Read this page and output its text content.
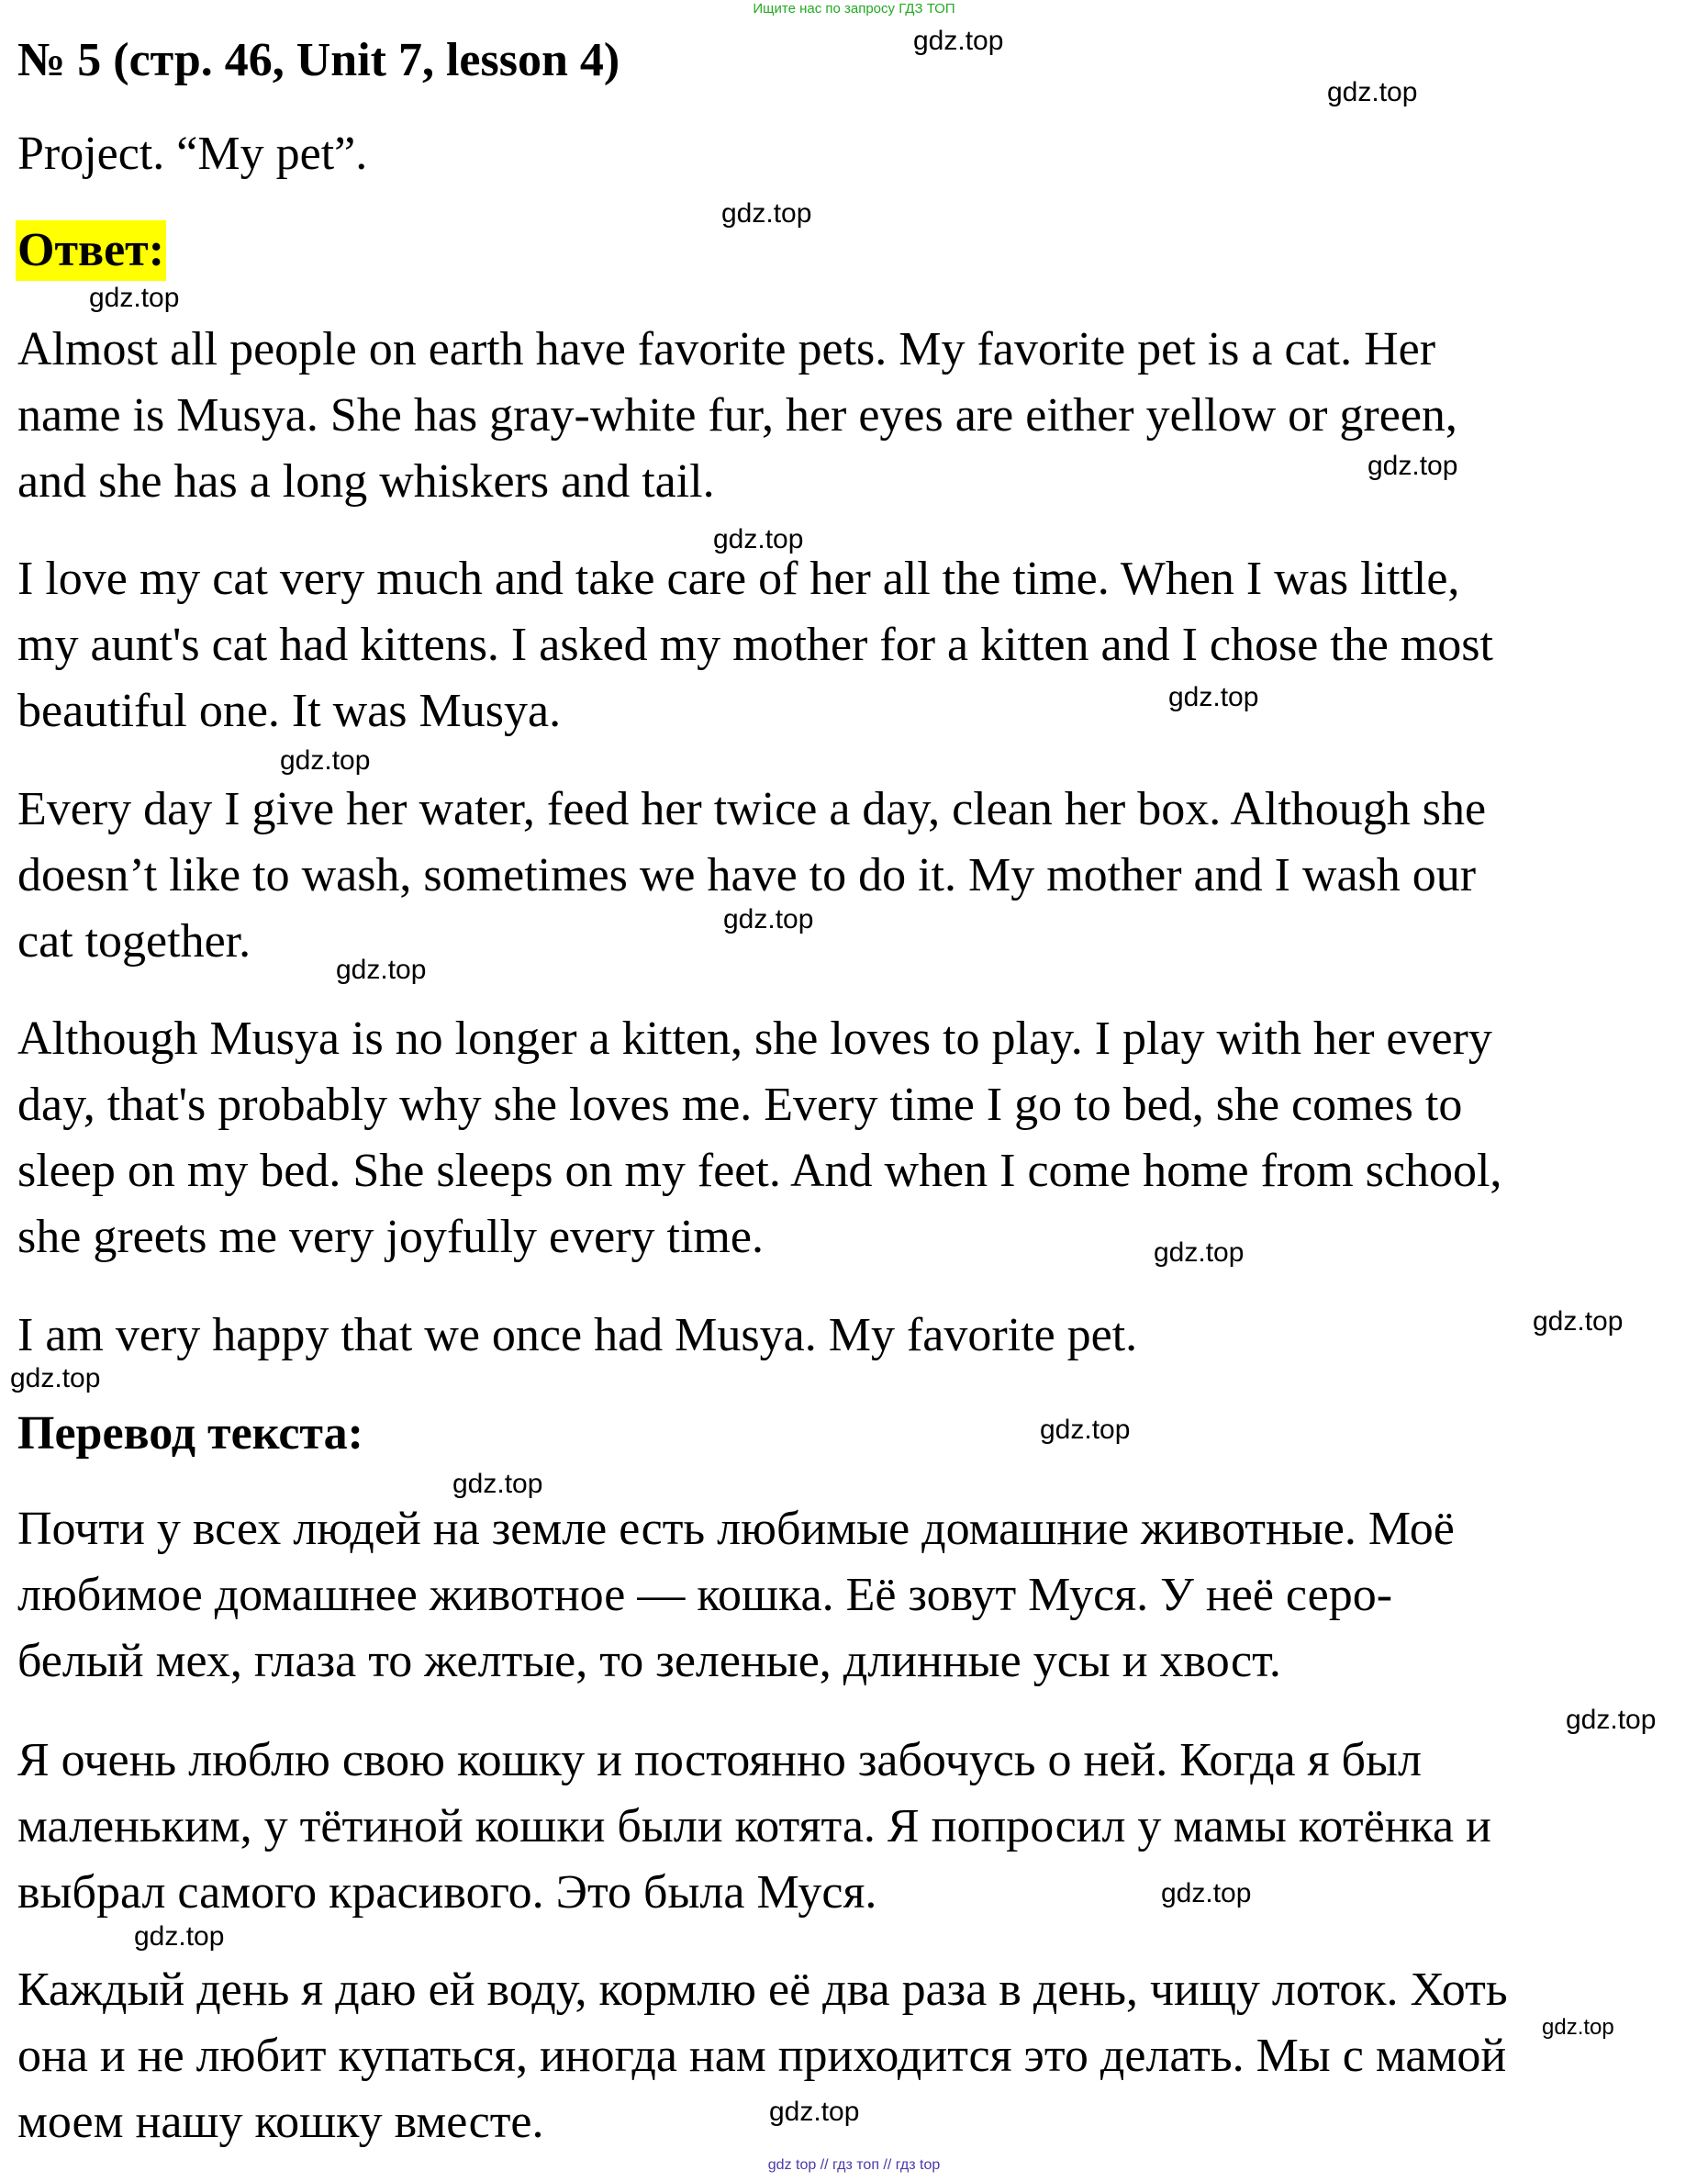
Ищите нас по запросу ГДЗ ТОП
№ 5 (стр. 46, Unit 7, lesson 4)
Project. “My pet”.
Ответ:
Almost all people on earth have favorite pets. My favorite pet is a cat. Her
name is Musya. She has gray-white fur, her eyes are either yellow or green,
and she has a long whiskers and tail.
I love my cat very much and take care of her all the time. When I was little,
my aunt's cat had kittens. I asked my mother for a kitten and I chose the most
beautiful one. It was Musya.
Every day I give her water, feed her twice a day, clean her box. Although she
doesn’t like to wash, sometimes we have to do it. My mother and I wash our
cat together.
Although Musya is no longer a kitten, she loves to play. I play with her every
day, that's probably why she loves me. Every time I go to bed, she comes to
sleep on my bed. She sleeps on my feet. And when I come home from school,
she greets me very joyfully every time.
I am very happy that we once had Musya. My favorite pet.
Перевод текста:
Почти у всех людей на земле есть любимые домашние животные. Моё
любимое домашнее животное — кошка. Её зовут Муся. У неё серо-
белый мех, глаза то желтые, то зеленые, длинные усы и хвост.
Я очень люблю свою кошку и постоянно забочусь о ней. Когда я был
маленьким, у тётиной кошки были котята. Я попросил у мамы котёнка и
выбрал самого красивого. Это была Муся.
Каждый день я даю ей воду, кормлю её два раза в день, чищу лоток. Хоть
она и не любит купаться, иногда нам приходится это делать. Мы с мамой
моем нашу кошку вместе.
gdz.top
gdz.top
gdz.top
gdz.top
gdz.top
gdz.top
gdz.top
gdz.top
gdz.top
gdz.top
gdz.top
gdz.top
gdz.top
gdz.top
gdz.top
gdz.top
gdz.top
gdz.top
gdz.top
gdz.top
gdz top // гдз топ // гдз top
